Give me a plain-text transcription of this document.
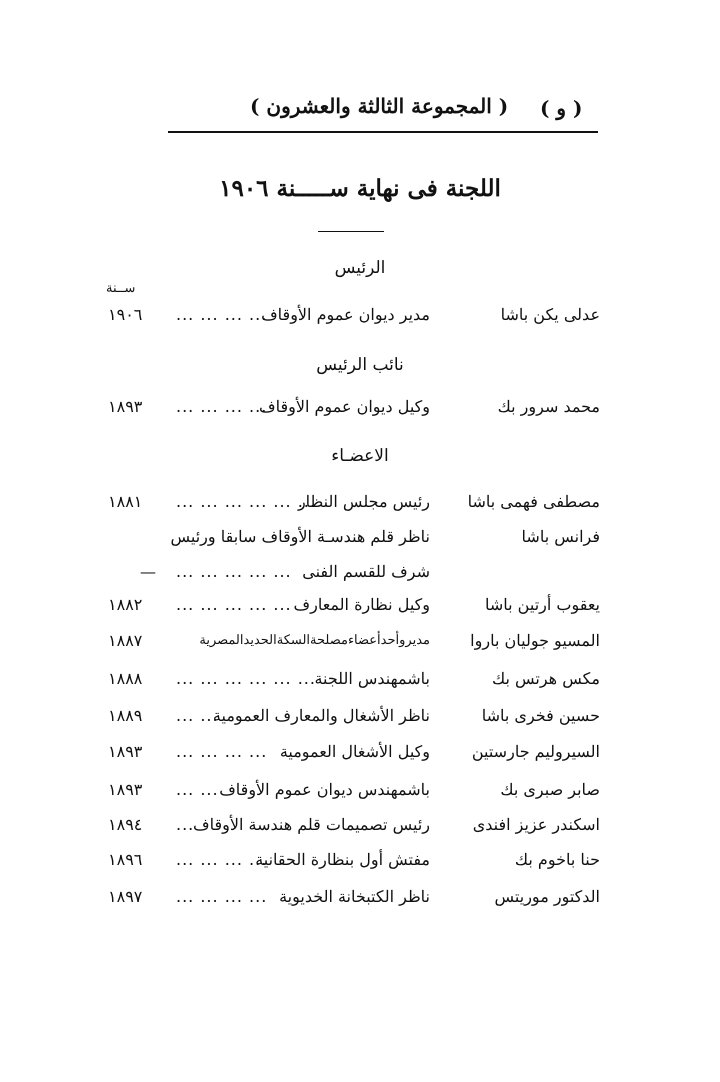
( و )
( المجموعة الثالثة والعشرون )
اللجنة فى نهاية ســـــنة ١٩٠٦
ســنة
الرئيس
عدلى يكن باشا
مدير ديوان عموم الأوقاف
... ... ... ...
١٩٠٦
نائب الرئيس
محمد سرور بك
وكيل ديوان عموم الأوقاف
... ... ... ...
١٨٩٣
الاعضـاء
مصطفى فهمى باشا
رئيس مجلس النظار
... ... ... ... ... ...
١٨٨١
فرانس باشا
ناظر قلم هندسـة الأوقاف سابقا ورئيس
شرف للقسم الفنى
... ... ... ... ...
—
يعقوب أرتين باشا
وكيل نظارة المعارف
... ... ... ... ...
١٨٨٢
المسيو جوليان باروا
مديروأحدأعضاءمصلحةالسكةالحديدالمصرية
١٨٨٧
مكس هرتس بك
باشمهندس اللجنة
... ... ... ... ... ...
١٨٨٨
حسين فخرى باشا
ناظر الأشغال والمعارف العمومية
... ...
١٨٨٩
السيروليم جارستين
وكيل الأشغال العمومية
... ... ... ...
١٨٩٣
صابر صبرى بك
باشمهندس ديوان عموم الأوقاف
... ...
١٨٩٣
اسكندر عزيز افندى
رئيس تصميمات قلم هندسة الأوقاف
...
١٨٩٤
حنا باخوم بك
مفتش أول بنظارة الحقانية
... ... ... ...
١٨٩٦
الدكتور موريتس
ناظر الكتبخانة الخديوية
... ... ... ...
١٨٩٧
